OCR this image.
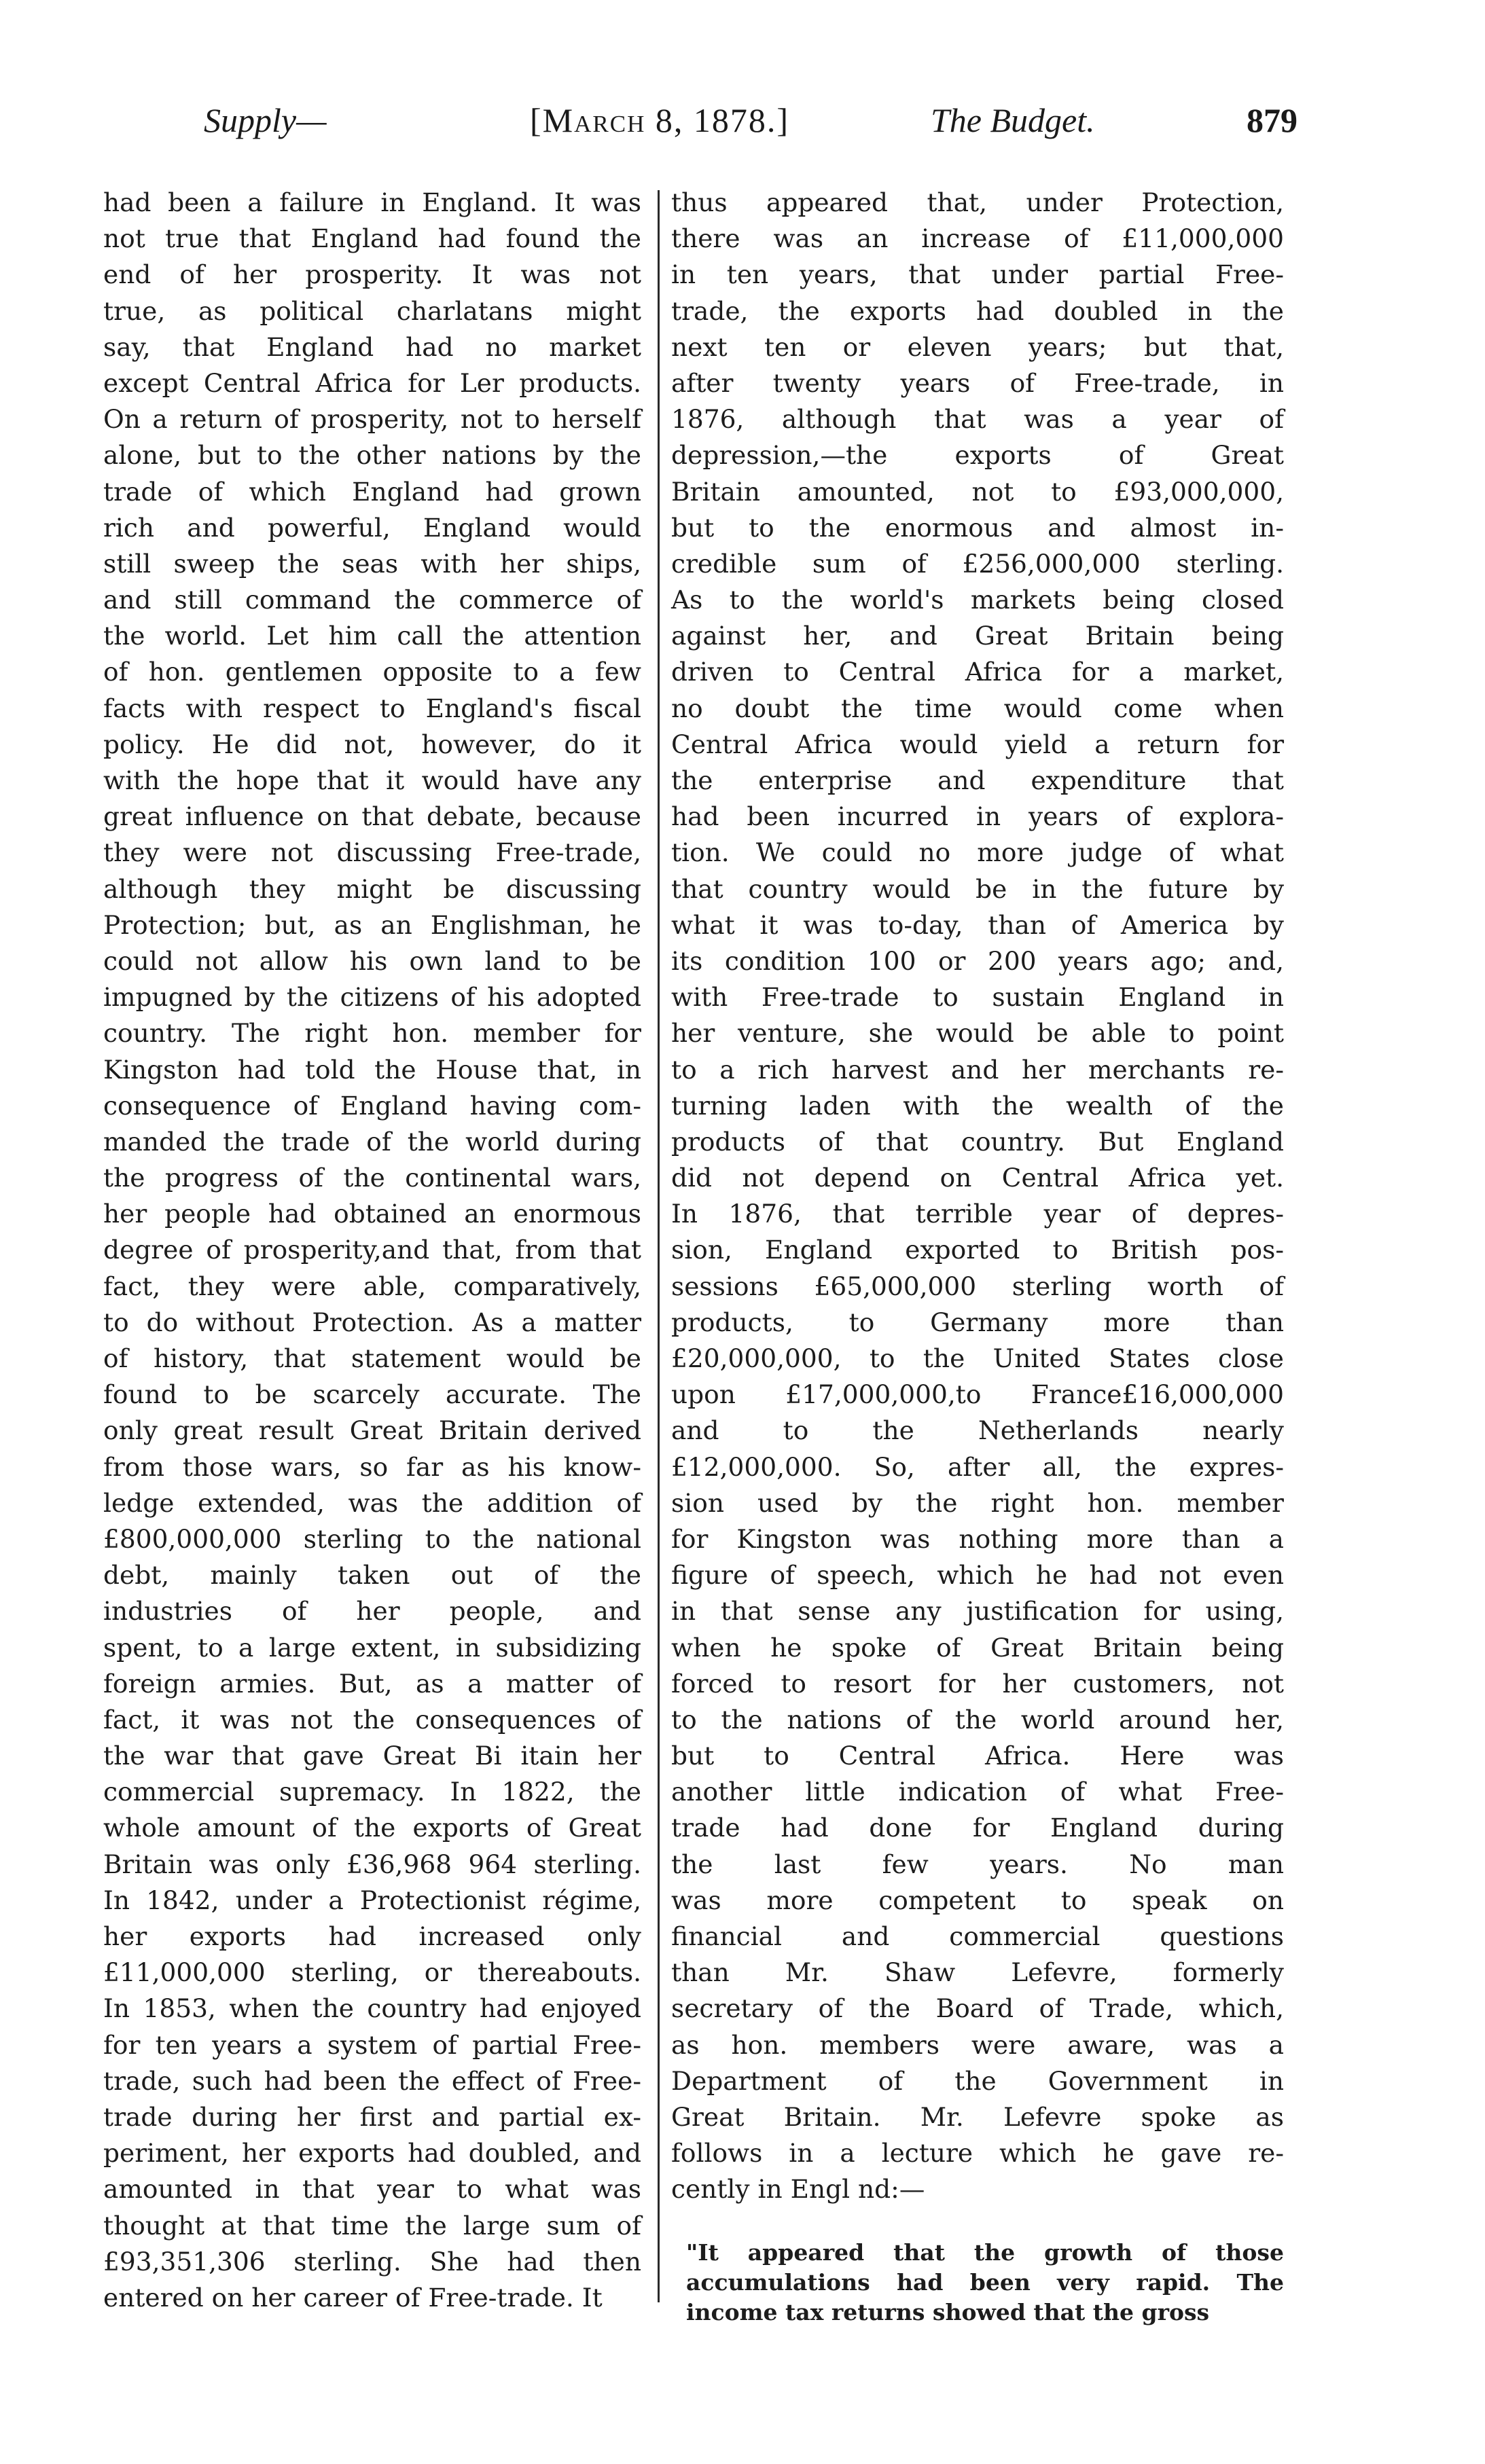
Supply—	[March 8, 1878.]	The Budget.	879
had been a failure in England. It was
not true that England had found the
end of her prosperity. It was not
true, as political charlatans might
say, that England had no market
except Central Africa for Ler products.
On a return of prosperity, not to herself
alone, but to the other nations by the
trade of which England had grown
rich and powerful, England would
still sweep the seas with her ships,
and still command the commerce of
the world. Let him call the attention
of hon. gentlemen opposite to a few
facts with respect to England's fiscal
policy. He did not, however, do it
with the hope that it would have any
great influence on that debate, because
they were not discussing Free-trade,
although they might be discussing
Protection; but, as an Englishman, he
could not allow his own land to be
impugned by the citizens of his adopted
country. The right hon. member for
Kingston had told the House that, in
consequence of England having com-
manded the trade of the world during
the progress of the continental wars,
her people had obtained an enormous
degree of prosperity,and that, from that
fact, they were able, comparatively,
to do without Protection. As a matter
of history, that statement would be
found to be scarcely accurate. The
only great result Great Britain derived
from those wars, so far as his know-
ledge extended, was the addition of
£800,000,000 sterling to the national
debt, mainly taken out of the
industries of her people, and
spent, to a large extent, in subsidizing
foreign armies. But, as a matter of
fact, it was not the consequences of
the war that gave Great Bi itain her
commercial supremacy. In 1822, the
whole amount of the exports of Great
Britain was only £36,968 964 sterling.
In 1842, under a Protectionist régime,
her exports had increased only
£11,000,000 sterling, or thereabouts.
In 1853, when the country had enjoyed
for ten years a system of partial Free-
trade, such had been the effect of Free-
trade during her first and partial ex-
periment, her exports had doubled, and
amounted in that year to what was
thought at that time the large sum of
£93,351,306 sterling. She had then
entered on her career of Free-trade. It
thus appeared that, under Protection,
there was an increase of £11,000,000
in ten years, that under partial Free-
trade, the exports had doubled in the
next ten or eleven years; but that,
after twenty years of Free-trade, in
1876, although that was a year of
depression,—the exports of Great
Britain amounted, not to £93,000,000,
but to the enormous and almost in-
credible sum of £256,000,000 sterling.
As to the world's markets being closed
against her, and Great Britain being
driven to Central Africa for a market,
no doubt the time would come when
Central Africa would yield a return for
the enterprise and expenditure that
had been incurred in years of explora-
tion. We could no more judge of what
that country would be in the future by
what it was to-day, than of America by
its condition 100 or 200 years ago; and,
with Free-trade to sustain England in
her venture, she would be able to point
to a rich harvest and her merchants re-
turning laden with the wealth of the
products of that country. But England
did not depend on Central Africa yet.
In 1876, that terrible year of depres-
sion, England exported to British pos-
sessions £65,000,000 sterling worth of
products, to Germany more than
£20,000,000, to the United States close
upon £17,000,000,to France£16,000,000
and to the Netherlands nearly
£12,000,000. So, after all, the expres-
sion used by the right hon. member
for Kingston was nothing more than a
figure of speech, which he had not even
in that sense any justification for using,
when he spoke of Great Britain being
forced to resort for her customers, not
to the nations of the world around her,
but to Central Africa. Here was
another little indication of what Free-
trade had done for England during
the last few years. No man
was more competent to speak on
financial and commercial questions
than Mr. Shaw Lefevre, formerly
secretary of the Board of Trade, which,
as hon. members were aware, was a
Department of the Government in
Great Britain. Mr. Lefevre spoke as
follows in a lecture which he gave re-
cently in Engl nd:—
"It appeared that the growth of those
accumulations had been very rapid. The
income tax returns showed that the gross
